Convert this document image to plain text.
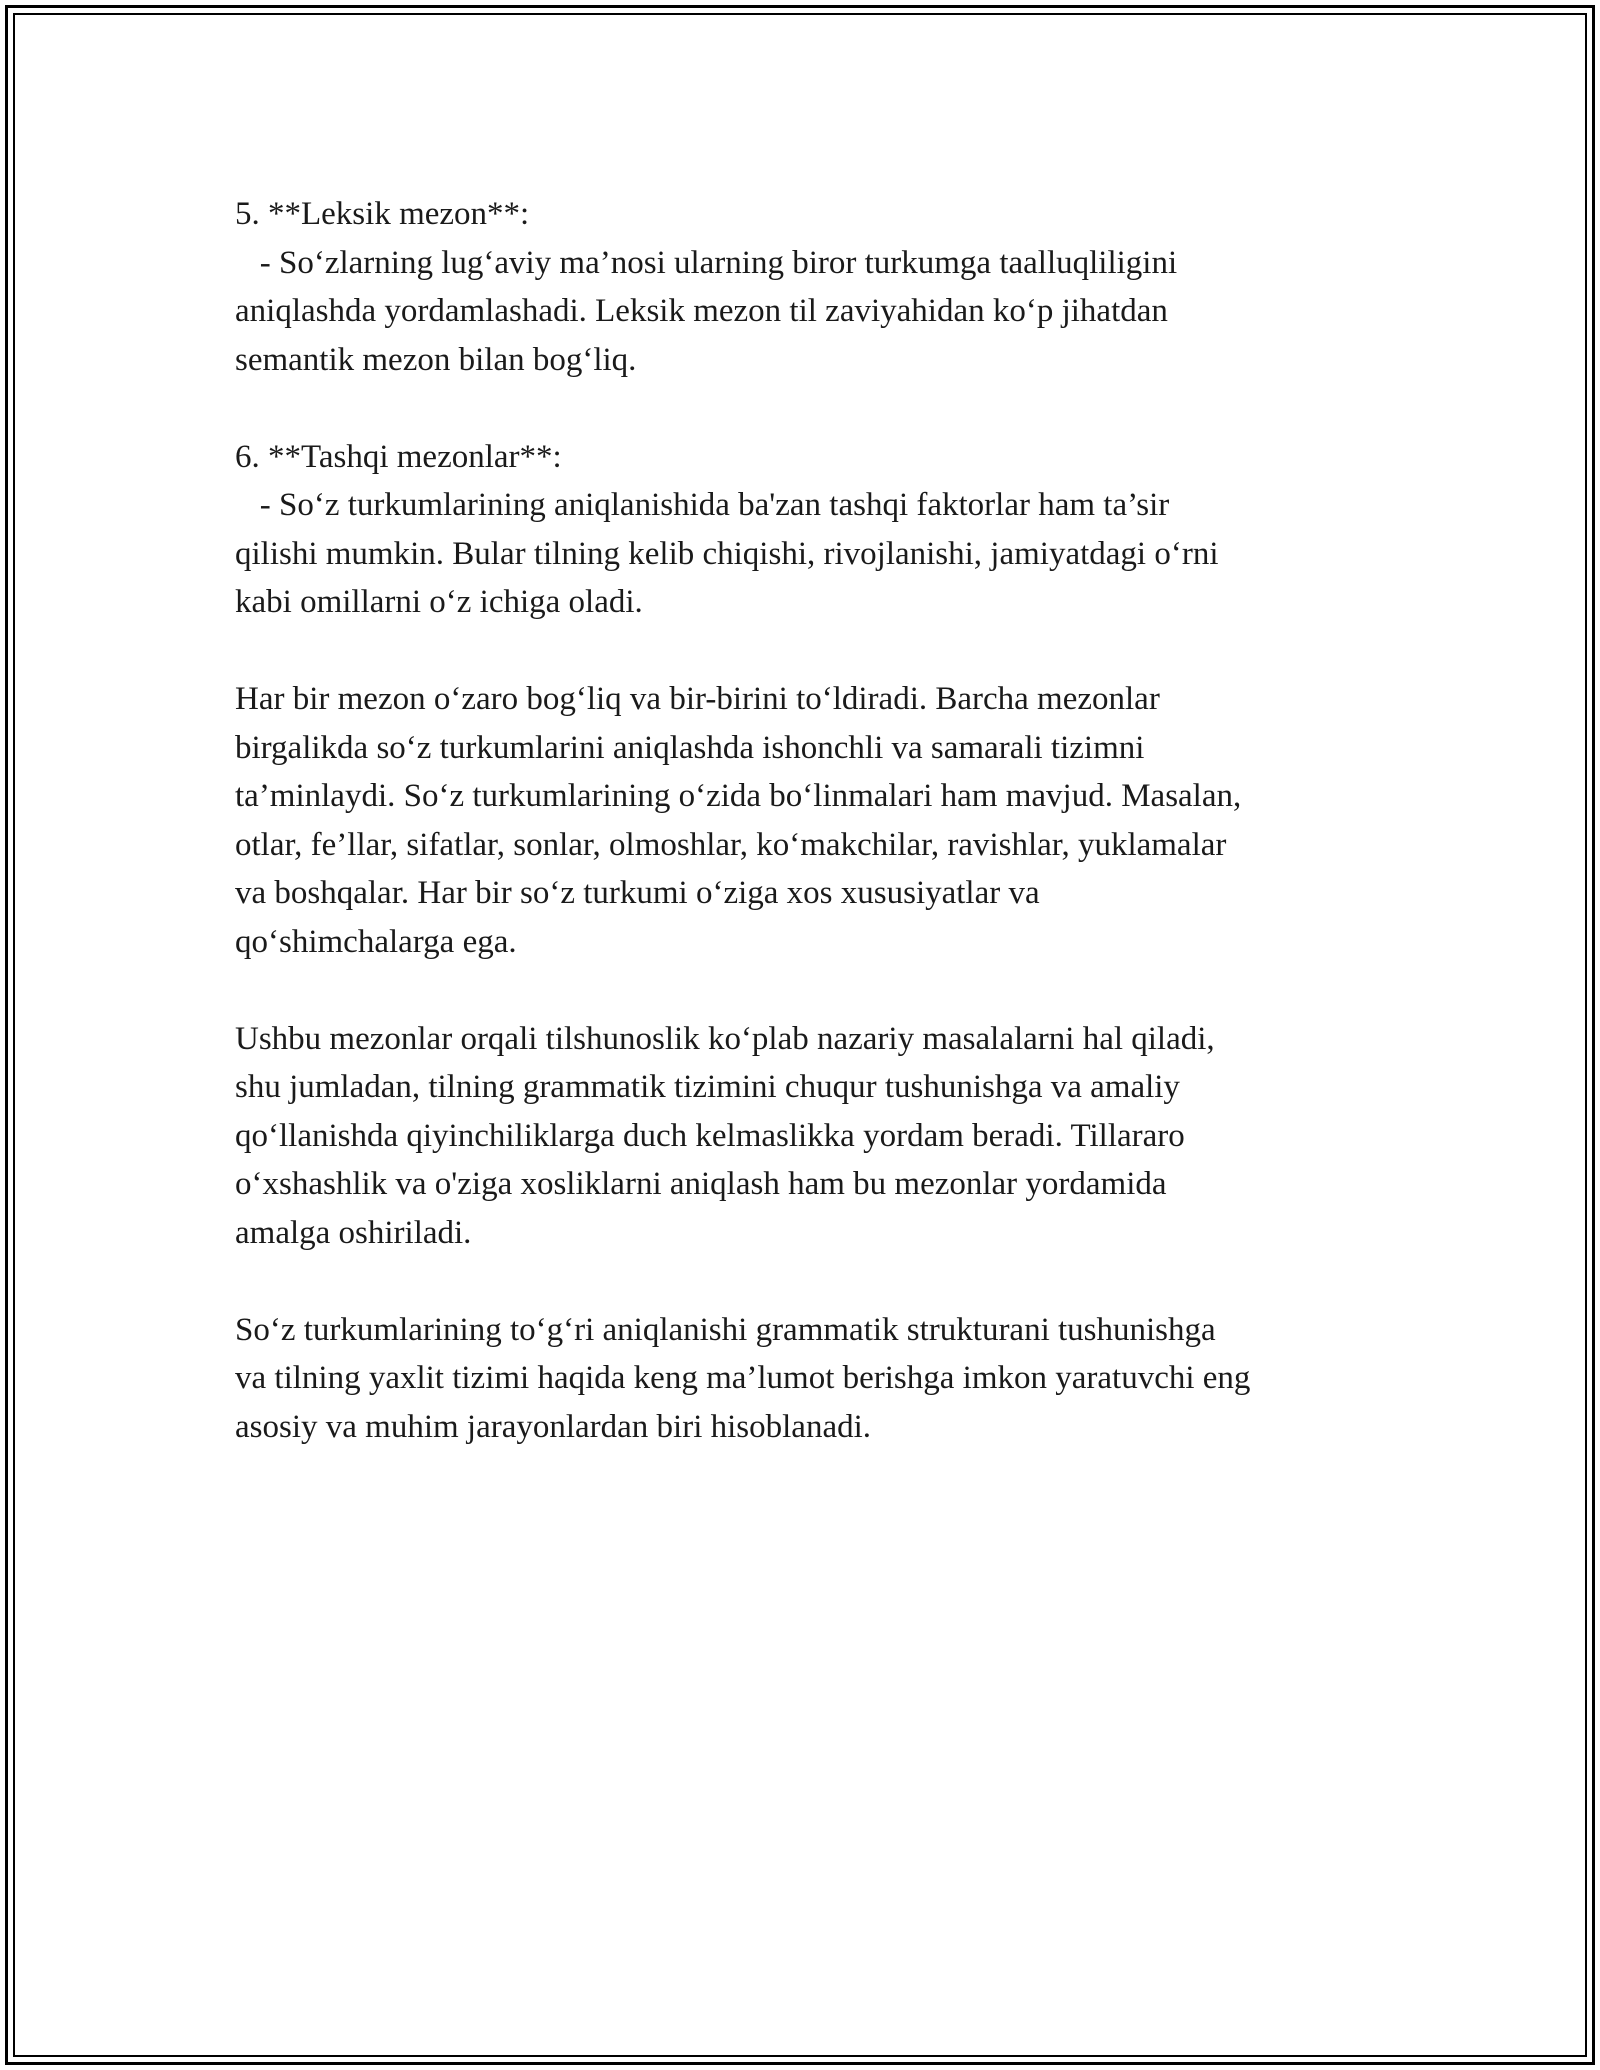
5. **Leksik mezon**:
- So‘zlarning lug‘aviy ma’nosi ularning biror turkumga taalluqliligini
aniqlashda yordamlashadi. Leksik mezon til zaviyahidan ko‘p jihatdan
semantik mezon bilan bog‘liq.
6. **Tashqi mezonlar**:
- So‘z turkumlarining aniqlanishida ba'zan tashqi faktorlar ham ta’sir
qilishi mumkin. Bular tilning kelib chiqishi, rivojlanishi, jamiyatdagi o‘rni
kabi omillarni o‘z ichiga oladi.
Har bir mezon o‘zaro bog‘liq va bir-birini to‘ldiradi. Barcha mezonlar
birgalikda so‘z turkumlarini aniqlashda ishonchli va samarali tizimni
ta’minlaydi. So‘z turkumlarining o‘zida bo‘linmalari ham mavjud. Masalan,
otlar, fe’llar, sifatlar, sonlar, olmoshlar, ko‘makchilar, ravishlar, yuklamalar
va boshqalar. Har bir so‘z turkumi o‘ziga xos xususiyatlar va
qo‘shimchalarga ega.
Ushbu mezonlar orqali tilshunoslik ko‘plab nazariy masalalarni hal qiladi,
shu jumladan, tilning grammatik tizimini chuqur tushunishga va amaliy
qo‘llanishda qiyinchiliklarga duch kelmaslikka yordam beradi. Tillararo
o‘xshashlik va o'ziga xosliklarni aniqlash ham bu mezonlar yordamida
amalga oshiriladi.
So‘z turkumlarining to‘g‘ri aniqlanishi grammatik strukturani tushunishga
va tilning yaxlit tizimi haqida keng ma’lumot berishga imkon yaratuvchi eng
asosiy va muhim jarayonlardan biri hisoblanadi.
